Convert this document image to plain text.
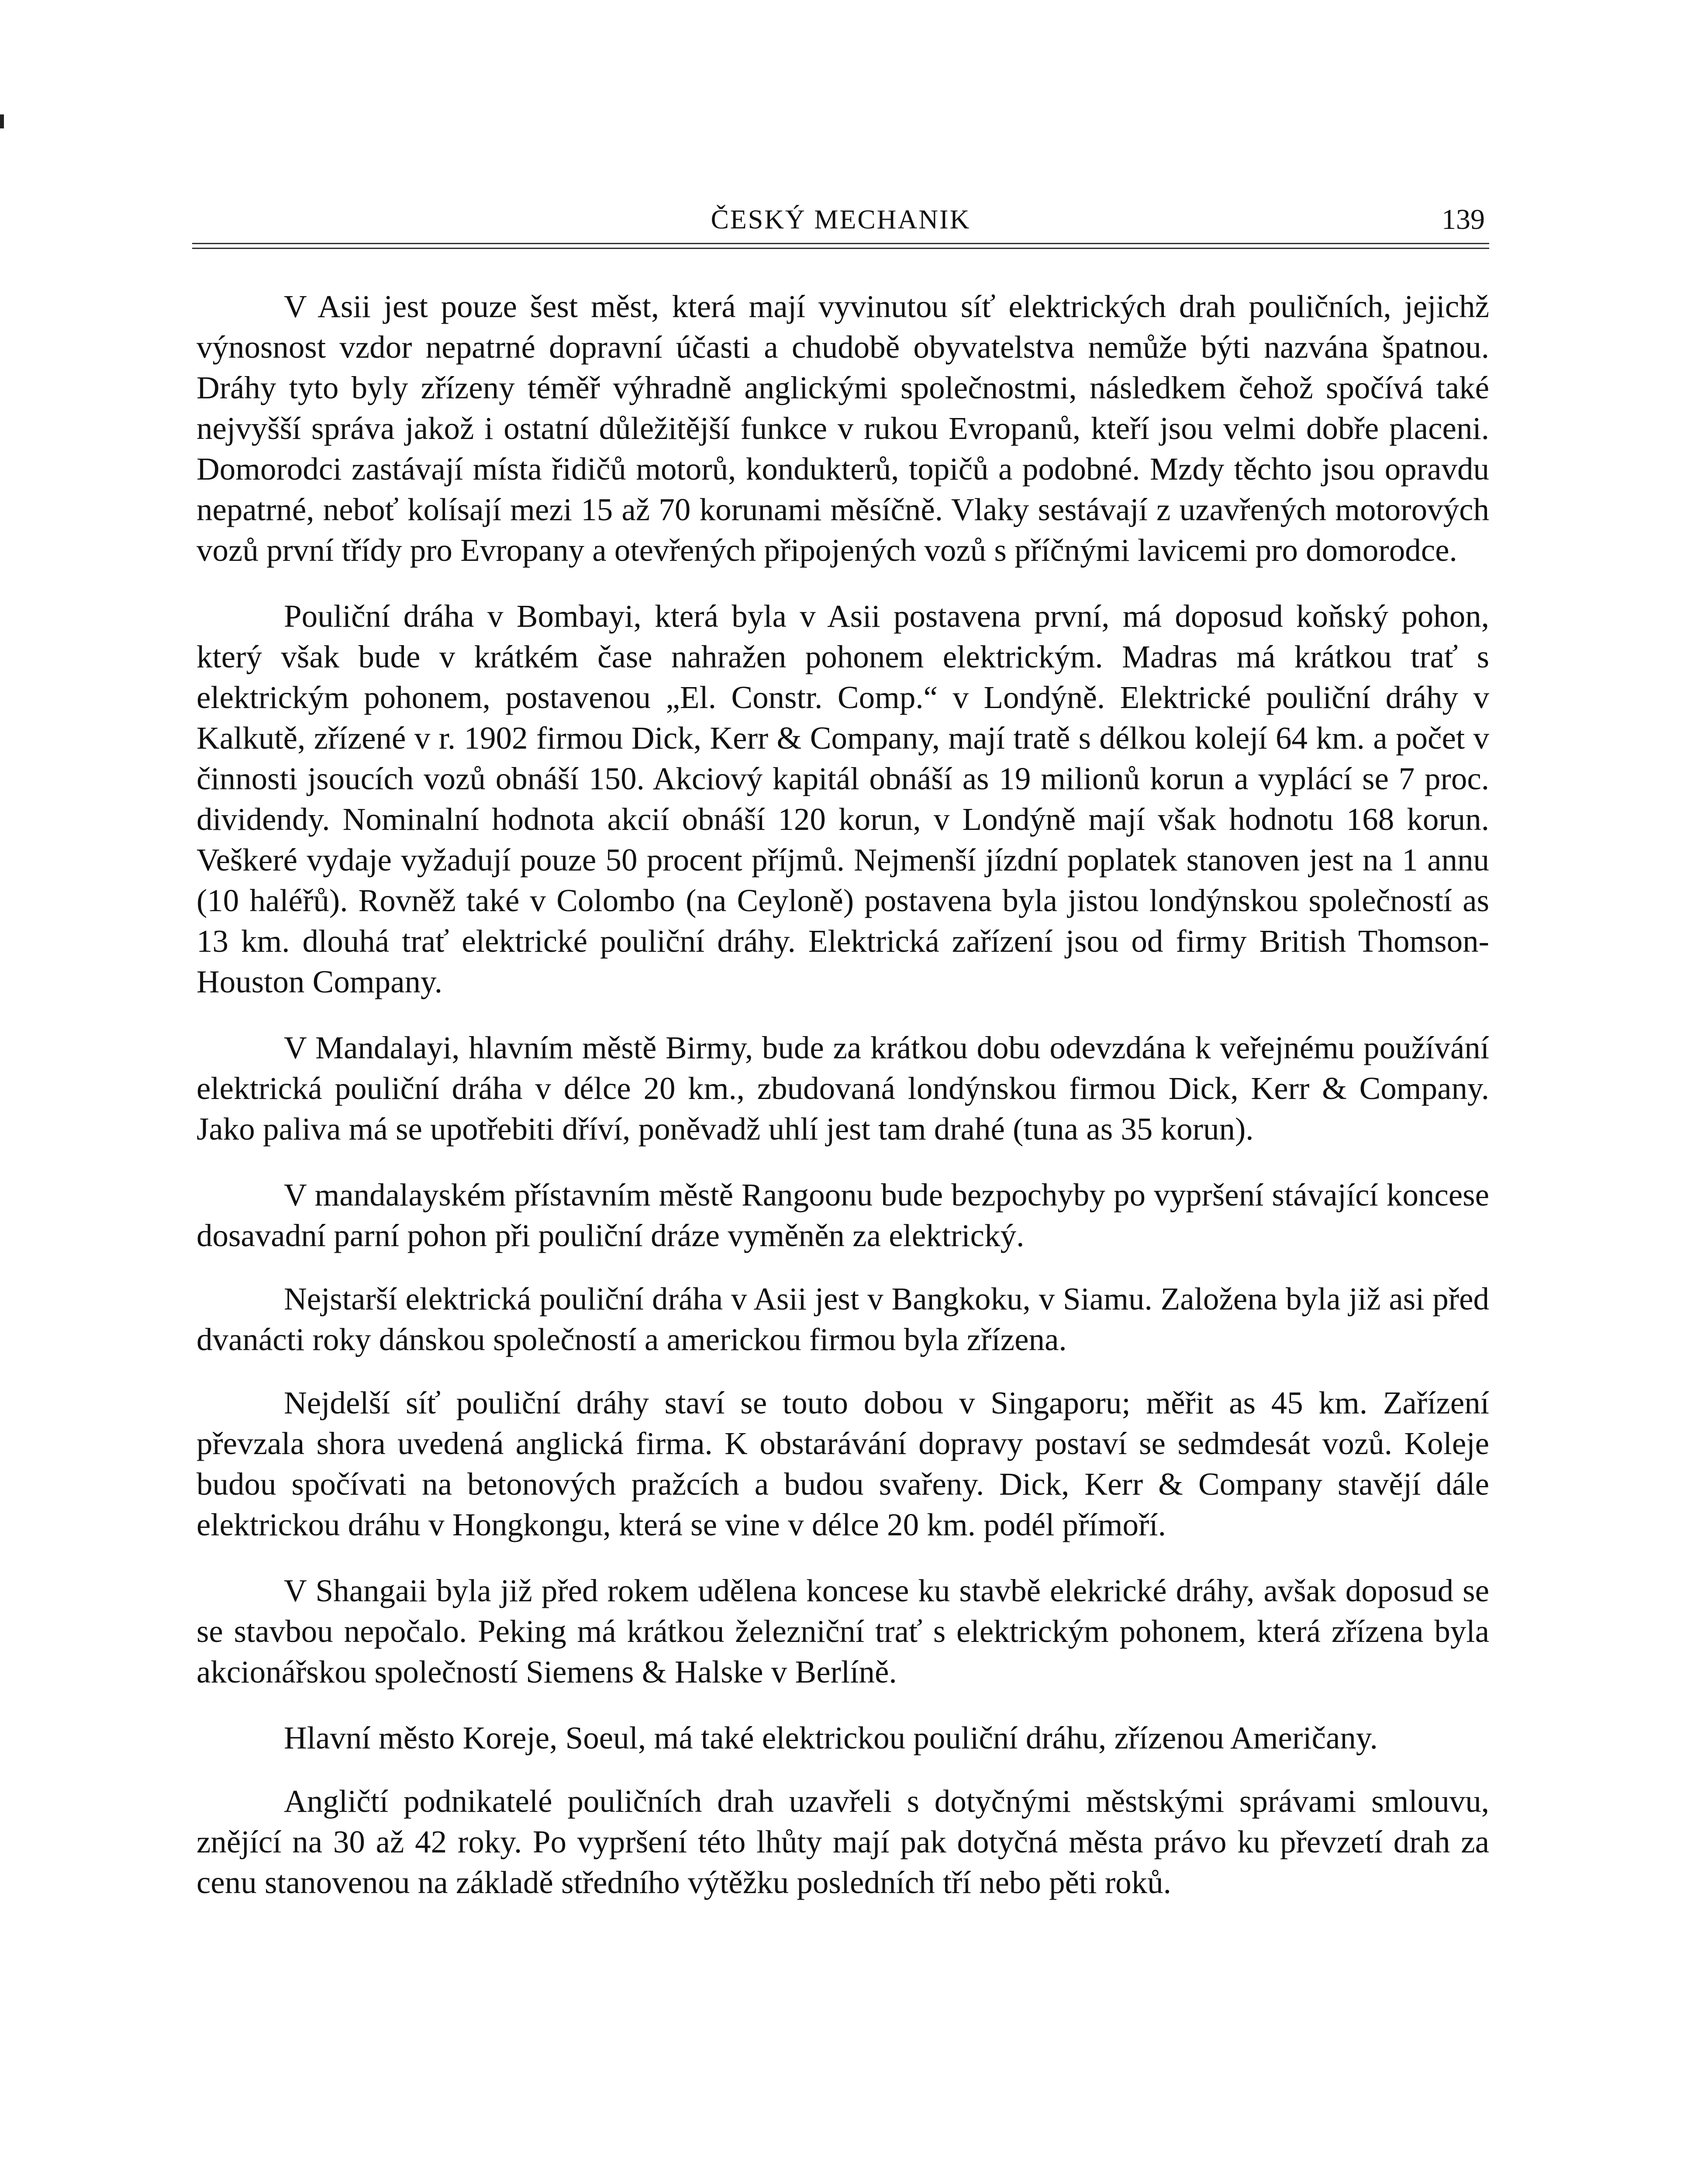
ČESKÝ MECHANIK	139

V Asii jest pouze šest měst, která mají vyvinutou síť elektrických drah pouličních, jejichž výnosnost vzdor nepatrné dopravní účasti a chudobě obyvatelstva nemůže býti nazvána špatnou. Dráhy tyto byly zřízeny téměř výhradně anglickými společnostmi, následkem čehož spočívá také nejvyšší správa jakož i ostatní důležitější funkce v rukou Evropanů, kteří jsou velmi dobře placeni. Domorodci zastávají místa řidičů motorů, kondukterů, topičů a podobné. Mzdy těchto jsou opravdu nepatrné, neboť kolísají mezi 15 až 70 korunami měsíčně. Vlaky sestávají z uzavřených motorových vozů první třídy pro Evropany a otevřených připojených vozů s příčnými lavicemi pro domorodce.

Pouliční dráha v Bombayi, která byla v Asii postavena první, má doposud koňský pohon, který však bude v krátkém čase nahražen pohonem elektrickým. Madras má krátkou trať s elektrickým pohonem, postavenou „El. Constr. Comp.“ v Londýně. Elektrické pouliční dráhy v Kalkutě, zřízené v r. 1902 firmou Dick, Kerr & Company, mají tratě s délkou kolejí 64 km. a počet v činnosti jsoucích vozů obnáší 150. Akciový kapitál obnáší as 19 milionů korun a vyplácí se 7 proc. dividendy. Nominalní hodnota akcií obnáší 120 korun, v Londýně mají však hodnotu 168 korun. Veškeré vydaje vyžadují pouze 50 procent příjmů. Nejmenší jízdní poplatek stanoven jest na 1 annu (10 haléřů). Rovněž také v Colombo (na Ceyloně) postavena byla jistou londýnskou společností as 13 km. dlouhá trať elektrické pouliční dráhy. Elektrická zařízení jsou od firmy British Thomson-Houston Company.

V Mandalayi, hlavním městě Birmy, bude za krátkou dobu odevzdána k veřejnému používání elektrická pouliční dráha v délce 20 km., zbudovaná londýnskou firmou Dick, Kerr & Company. Jako paliva má se upotřebiti dříví, poněvadž uhlí jest tam drahé (tuna as 35 korun).

V mandalayském přístavním městě Rangoonu bude bezpochyby po vypršení stávající koncese dosavadní parní pohon při pouliční dráze vyměněn za elektrický.

Nejstarší elektrická pouliční dráha v Asii jest v Bangkoku, v Siamu. Založena byla již asi před dvanácti roky dánskou společností a americkou firmou byla zřízena.

Nejdelší síť pouliční dráhy staví se touto dobou v Singaporu; měřit as 45 km. Zařízení převzala shora uvedená anglická firma. K obstarávání dopravy postaví se sedmdesát vozů. Koleje budou spočívati na betonových pražcích a budou svařeny. Dick, Kerr & Company stavějí dále elektrickou dráhu v Hongkongu, která se vine v délce 20 km. podél přímoří.

V Shangaii byla již před rokem udělena koncese ku stavbě elekrické dráhy, avšak doposud se se stavbou nepočalo. Peking má krátkou železniční trať s elektrickým pohonem, která zřízena byla akcionářskou společností Siemens & Halske v Berlíně.

Hlavní město Koreje, Soeul, má také elektrickou pouliční dráhu, zřízenou Američany.

Angličtí podnikatelé pouličních drah uzavřeli s dotyčnými městskými správami smlouvu, znějící na 30 až 42 roky. Po vypršení této lhůty mají pak dotyčná města právo ku převzetí drah za cenu stanovenou na základě středního výtěžku posledních tří nebo pěti roků.
